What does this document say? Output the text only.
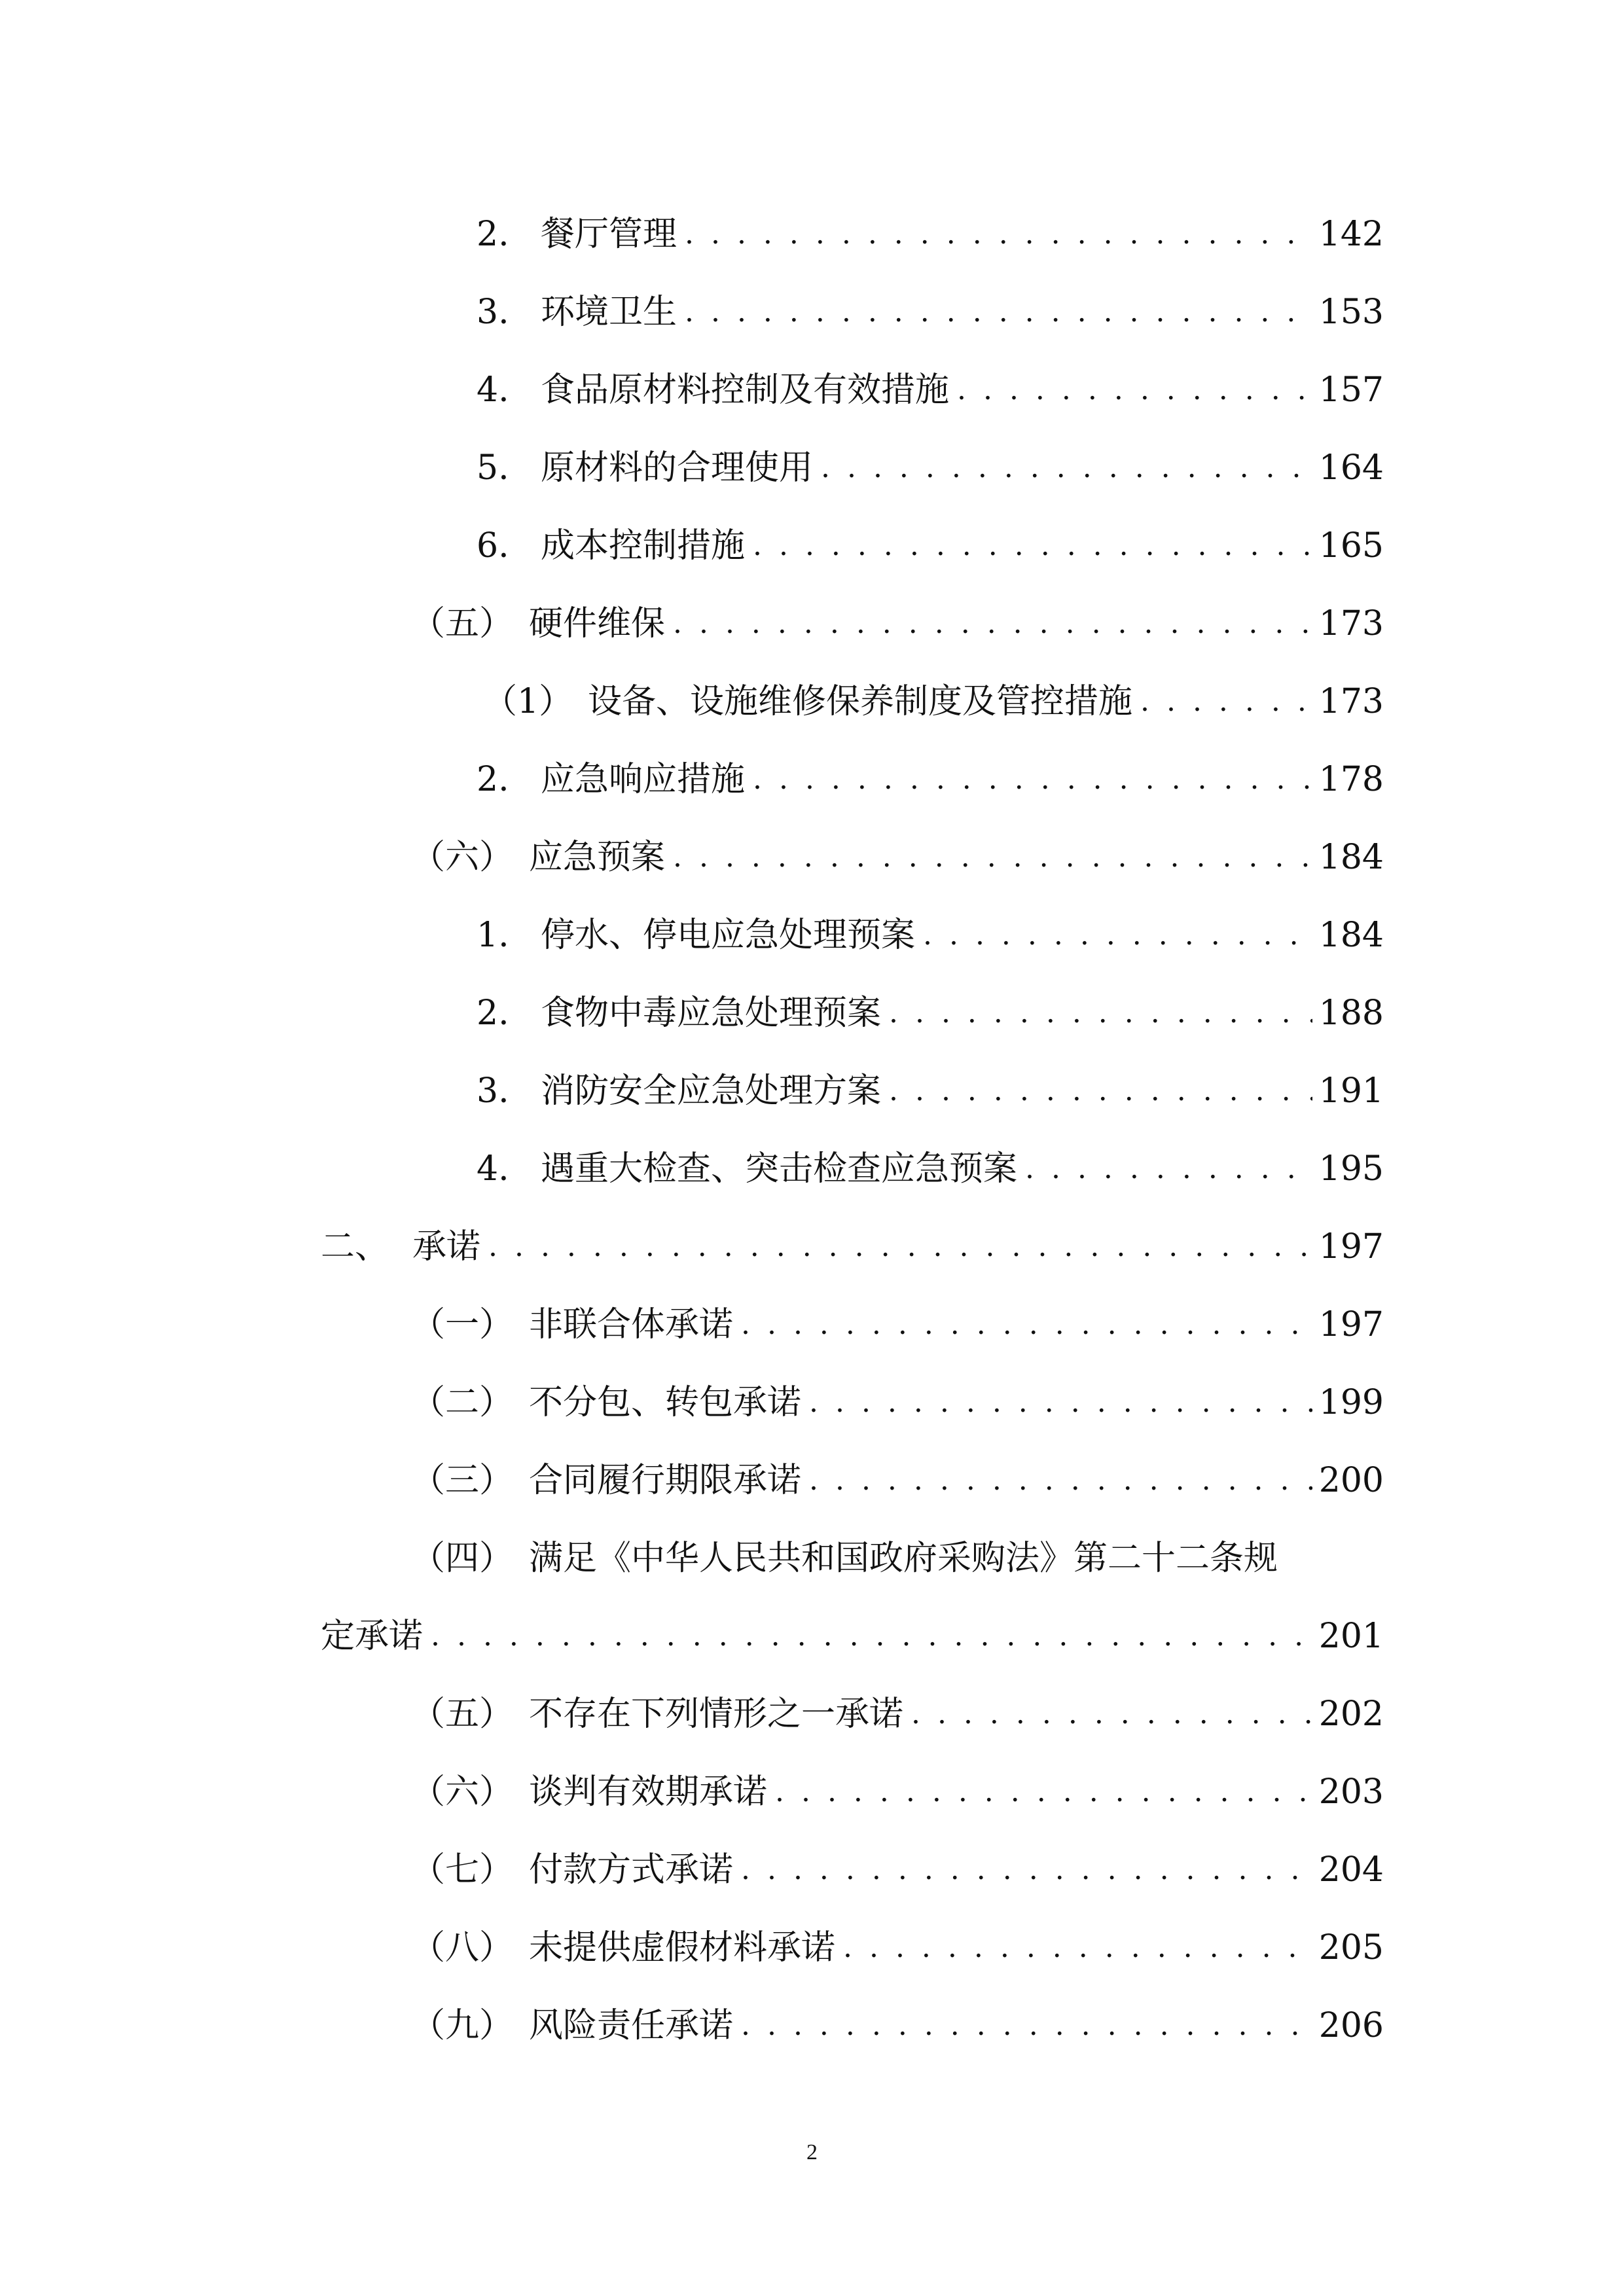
2. 餐厅管理 . . .	142
3. 环境卫生 . . .	153
4. 食品原材料控制及有效措施 . . .	157
5. 原材料的合理使用 . . .	164
6. 成本控制措施 . . .	165
（五） 硬件维保 . . .	173
（1） 设备、设施维修保养制度及管控措施 . . .	173
2. 应急响应措施 . . .	178
（六） 应急预案 . . .	184
1. 停水、停电应急处理预案 . . .	184
2. 食物中毒应急处理预案 . . .	188
3. 消防安全应急处理方案 . . .	191
4. 遇重大检查、突击检查应急预案 . . .	195
二、 承诺 . . .	197
（一） 非联合体承诺 . . .	197
（二） 不分包、转包承诺 . . .	199
（三） 合同履行期限承诺 . . .	200
（四） 满足《中华人民共和国政府采购法》第二十二条规
定承诺 . . .	201
（五） 不存在下列情形之一承诺 . . .	202
（六） 谈判有效期承诺 . . .	203
（七） 付款方式承诺 . . .	204
（八） 未提供虚假材料承诺 . . .	205
（九） 风险责任承诺 . . .	206
2
